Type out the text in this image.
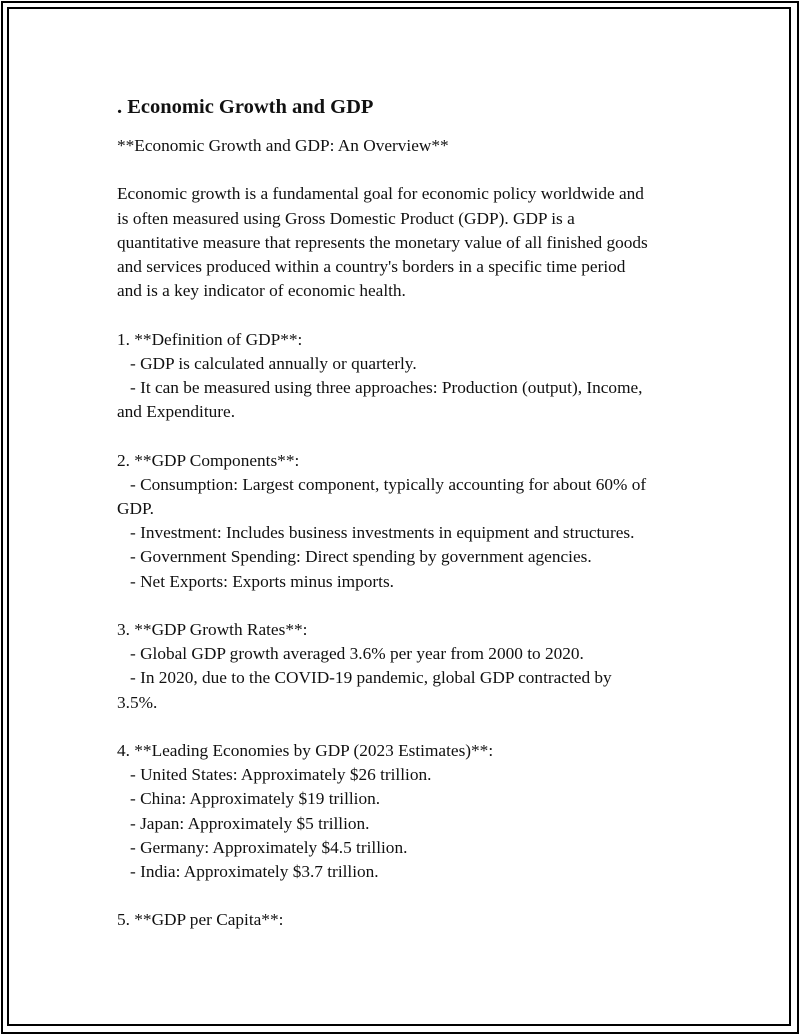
. Economic Growth and GDP

**Economic Growth and GDP: An Overview**

Economic growth is a fundamental goal for economic policy worldwide and
is often measured using Gross Domestic Product (GDP). GDP is a
quantitative measure that represents the monetary value of all finished goods
and services produced within a country's borders in a specific time period
and is a key indicator of economic health.
1. **Definition of GDP**:
- GDP is calculated annually or quarterly.
- It can be measured using three approaches: Production (output), Income,
and Expenditure.
2. **GDP Components**:
- Consumption: Largest component, typically accounting for about 60% of
GDP.
- Investment: Includes business investments in equipment and structures.
- Government Spending: Direct spending by government agencies.
- Net Exports: Exports minus imports.
3. **GDP Growth Rates**:
- Global GDP growth averaged 3.6% per year from 2000 to 2020.
- In 2020, due to the COVID-19 pandemic, global GDP contracted by
3.5%.
4. **Leading Economies by GDP (2023 Estimates)**:
- United States: Approximately $26 trillion.
- China: Approximately $19 trillion.
- Japan: Approximately $5 trillion.
- Germany: Approximately $4.5 trillion.
- India: Approximately $3.7 trillion.
5. **GDP per Capita**:
